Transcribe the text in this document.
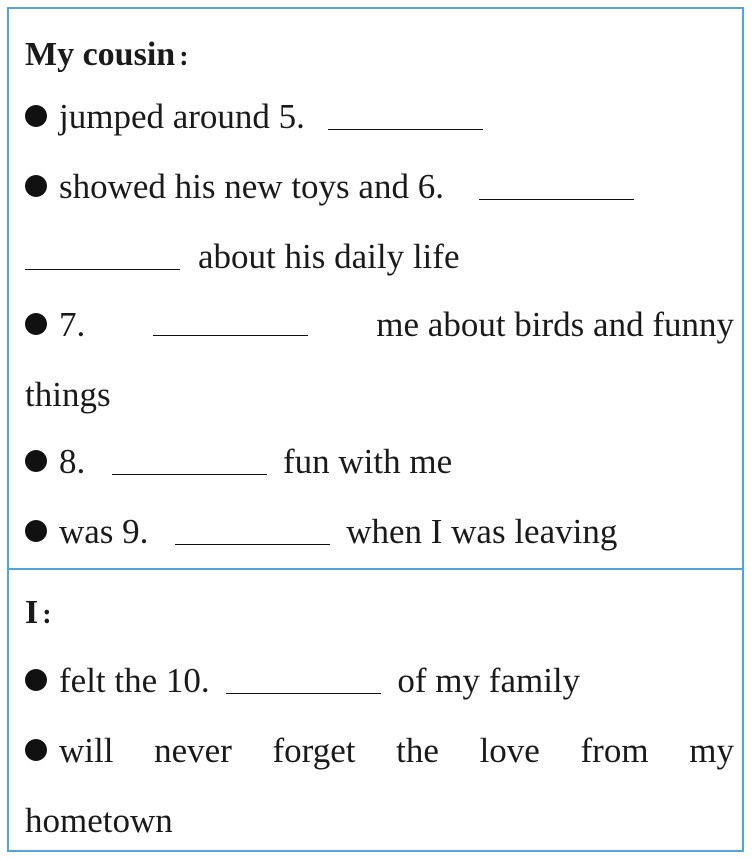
My cousin :
jumped around 5.
showed his new toys and 6.
about his daily life
7.	me about birds and funny
things
8.	fun with me
was 9.	when I was leaving
I :
felt the 10.	of my family
will never forget the love from my
hometown
